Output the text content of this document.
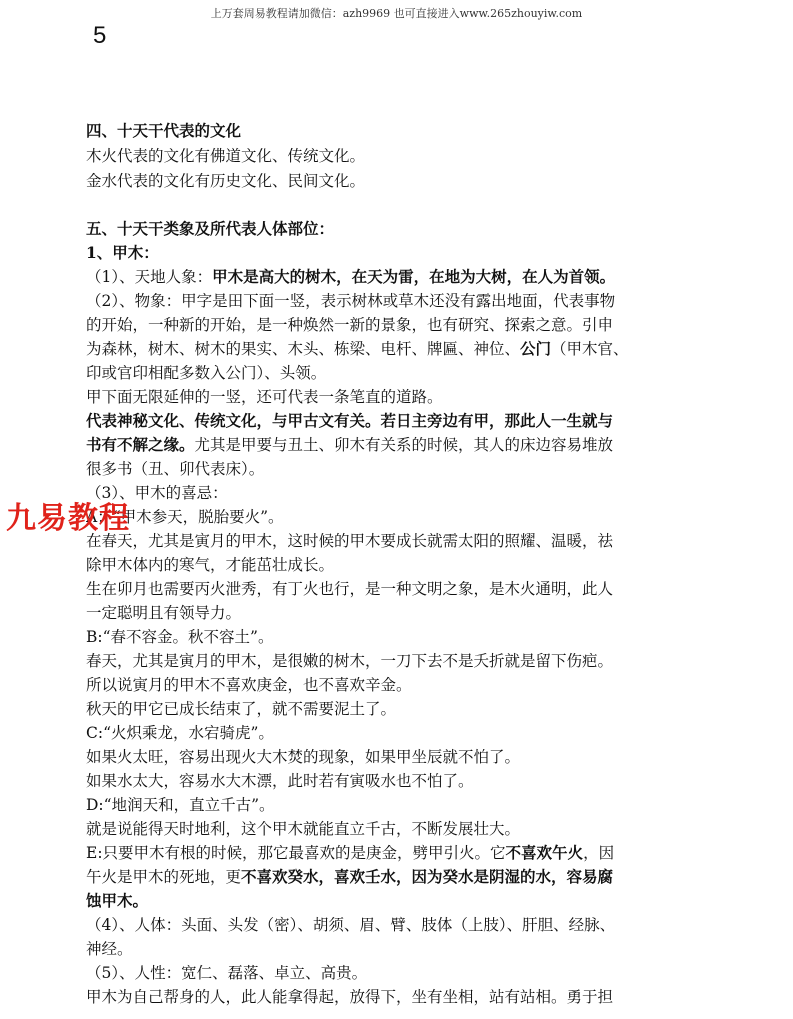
上万套周易教程请加微信：azh9969 也可直接进入www.265zhouyiw.com
5
九易教程
四、十天干代表的文化
木火代表的文化有佛道文化、传统文化。
金水代表的文化有历史文化、民间文化。
五、十天干类象及所代表人体部位：
1、甲木：
（1）、天地人象：甲木是高大的树木，在天为雷，在地为大树，在人为首领。
（2）、物象：甲字是田下面一竖，表示树林或草木还没有露出地面，代表事物
的开始，一种新的开始，是一种焕然一新的景象，也有研究、探索之意。引申
为森林，树木、树木的果实、木头、栋梁、电杆、牌匾、神位、公门（甲木官、
印或官印相配多数入公门）、头领。
甲下面无限延伸的一竖，还可代表一条笔直的道路。
代表神秘文化、传统文化，与甲古文有关。若日主旁边有甲，那此人一生就与
书有不解之缘。尤其是甲要与丑土、卯木有关系的时候，其人的床边容易堆放
很多书（丑、卯代表床）。
（3）、甲木的喜忌：
A：“甲木参天，脱胎要火”。
在春天，尤其是寅月的甲木，这时候的甲木要成长就需太阳的照耀、温暖，祛
除甲木体内的寒气，才能茁壮成长。
生在卯月也需要丙火泄秀，有丁火也行，是一种文明之象，是木火通明，此人
一定聪明且有领导力。
B:“春不容金。秋不容土”。
春天，尤其是寅月的甲木，是很嫩的树木，一刀下去不是夭折就是留下伤疤。
所以说寅月的甲木不喜欢庚金，也不喜欢辛金。
秋天的甲它已成长结束了，就不需要泥土了。
C:“火炽乘龙，水宕骑虎”。
如果火太旺，容易出现火大木焚的现象，如果甲坐辰就不怕了。
如果水太大，容易水大木漂，此时若有寅吸水也不怕了。
D:“地润天和，直立千古”。
就是说能得天时地利，这个甲木就能直立千古，不断发展壮大。
E:只要甲木有根的时候，那它最喜欢的是庚金，劈甲引火。它不喜欢午火，因
午火是甲木的死地，更不喜欢癸水，喜欢壬水，因为癸水是阴湿的水，容易腐
蚀甲木。
（4）、人体：头面、头发（密）、胡须、眉、臂、肢体（上肢）、肝胆、经脉、
神经。
（5）、人性：宽仁、磊落、卓立、高贵。
甲木为自己帮身的人，此人能拿得起，放得下，坐有坐相，站有站相。勇于担
